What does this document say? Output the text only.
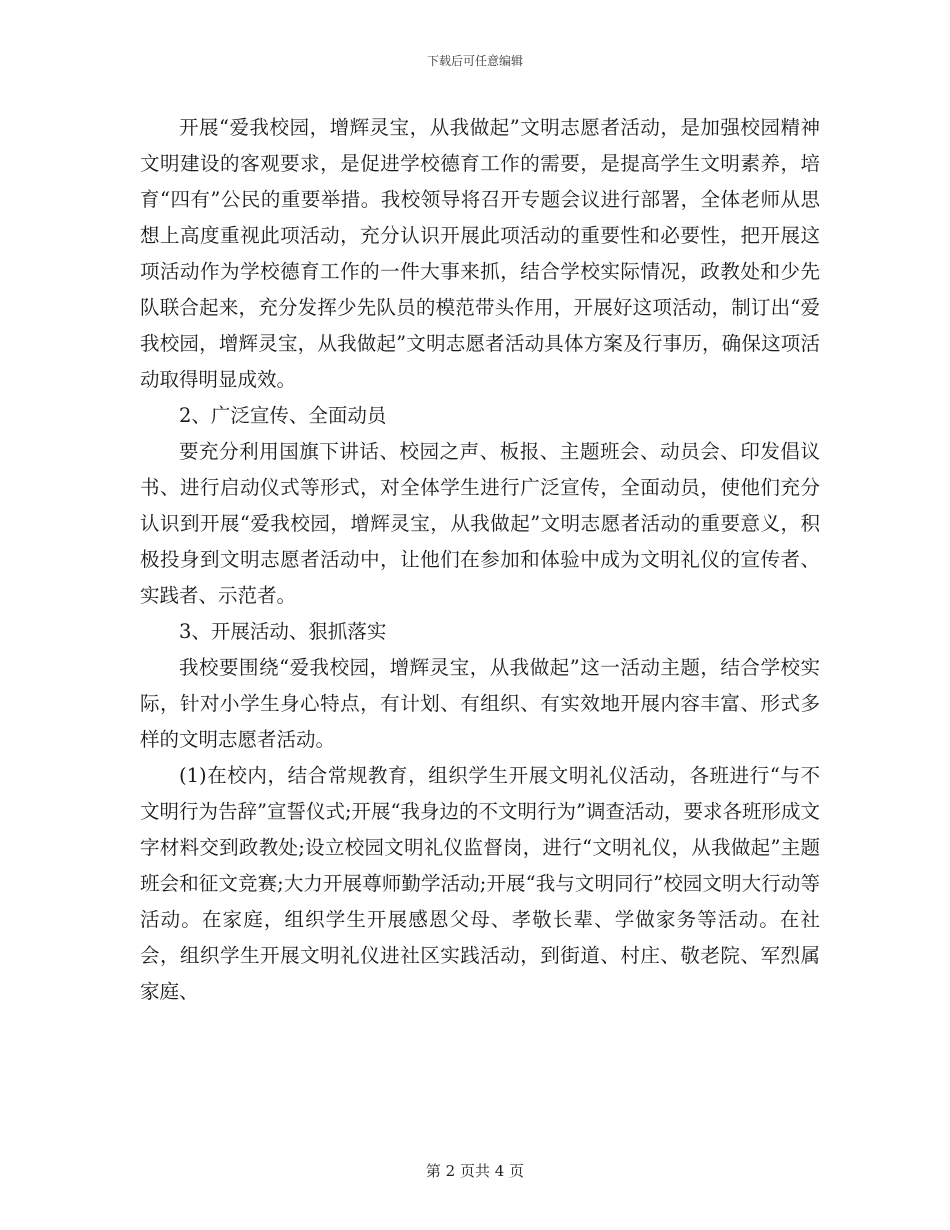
下载后可任意编辑

开展“爱我校园，增辉灵宝，从我做起”文明志愿者活动，是加强校园精神文明建设的客观要求，是促进学校德育工作的需要，是提高学生文明素养，培育“四有”公民的重要举措。我校领导将召开专题会议进行部署，全体老师从思想上高度重视此项活动，充分认识开展此项活动的重要性和必要性，把开展这项活动作为学校德育工作的一件大事来抓，结合学校实际情况，政教处和少先队联合起来，充分发挥少先队员的模范带头作用，开展好这项活动，制订出“爱我校园，增辉灵宝，从我做起”文明志愿者活动具体方案及行事历，确保这项活动取得明显成效。

2、广泛宣传、全面动员

要充分利用国旗下讲话、校园之声、板报、主题班会、动员会、印发倡议书、进行启动仪式等形式，对全体学生进行广泛宣传，全面动员，使他们充分认识到开展“爱我校园，增辉灵宝，从我做起”文明志愿者活动的重要意义，积极投身到文明志愿者活动中，让他们在参加和体验中成为文明礼仪的宣传者、实践者、示范者。

3、开展活动、狠抓落实

我校要围绕“爱我校园，增辉灵宝，从我做起”这一活动主题，结合学校实际，针对小学生身心特点，有计划、有组织、有实效地开展内容丰富、形式多样的文明志愿者活动。

(1)在校内，结合常规教育，组织学生开展文明礼仪活动，各班进行“与不文明行为告辞”宣誓仪式;开展“我身边的不文明行为”调查活动，要求各班形成文字材料交到政教处;设立校园文明礼仪监督岗，进行“文明礼仪，从我做起”主题班会和征文竞赛;大力开展尊师勤学活动;开展“我与文明同行”校园文明大行动等活动。在家庭，组织学生开展感恩父母、孝敬长辈、学做家务等活动。在社会，组织学生开展文明礼仪进社区实践活动，到街道、村庄、敬老院、军烈属家庭、

第 2 页共 4 页
